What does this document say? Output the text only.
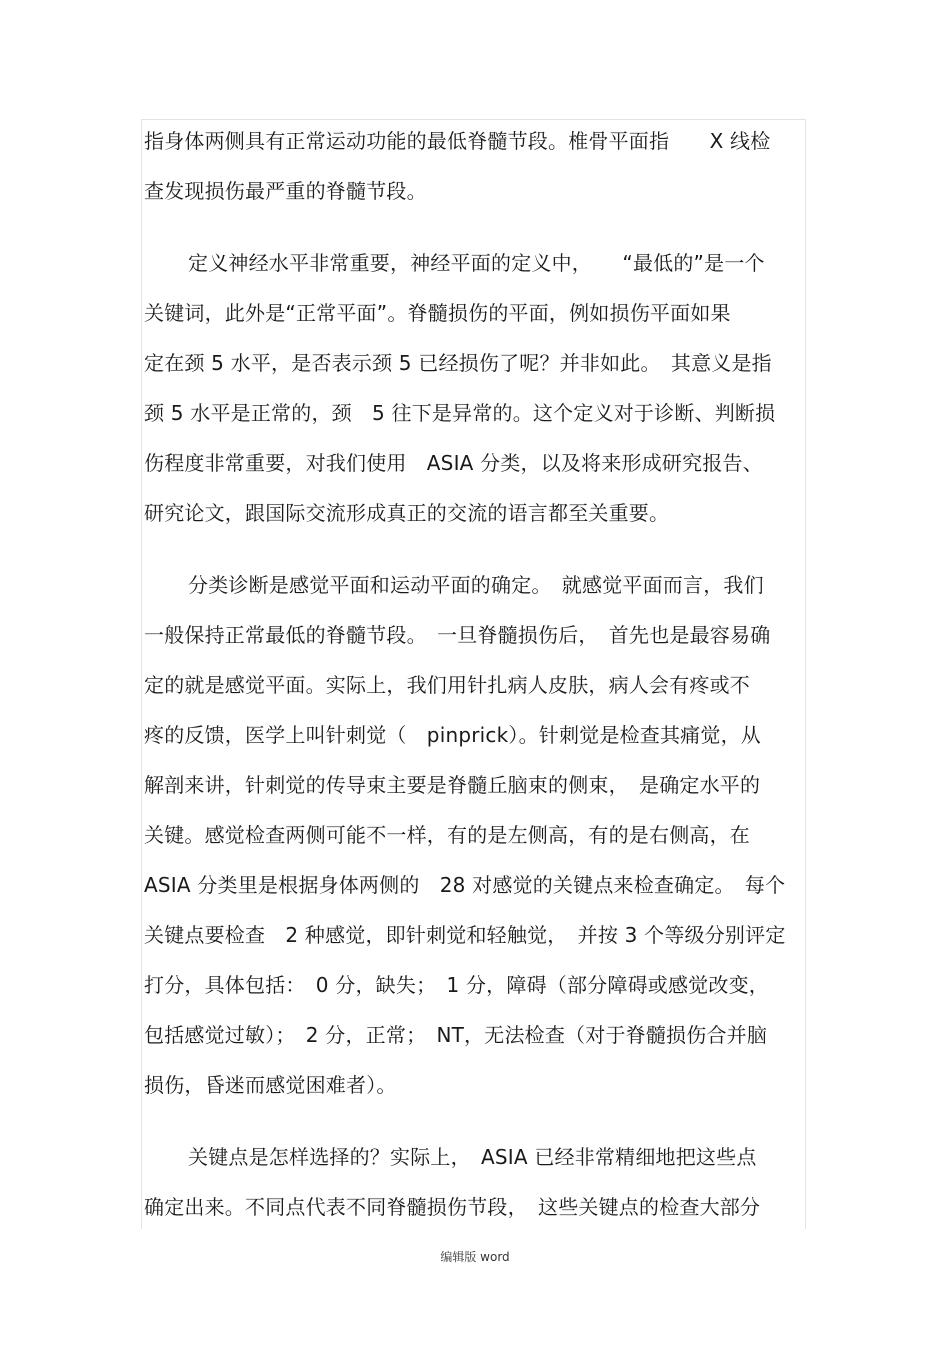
指身体两侧具有正常运动功能的最低脊髓节段。椎骨平面指　　X 线检
查发现损伤最严重的脊髓节段。
定义神经水平非常重要，神经平面的定义中，　　“最低的”是一个
关键词，此外是“正常平面”。脊髓损伤的平面，例如损伤平面如果
定在颈 5 水平，是否表示颈 5 已经损伤了呢？并非如此。　其意义是指
颈 5 水平是正常的，颈　5 往下是异常的。这个定义对于诊断、判断损
伤程度非常重要，对我们使用　ASIA 分类，以及将来形成研究报告、
研究论文，跟国际交流形成真正的交流的语言都至关重要。
分类诊断是感觉平面和运动平面的确定。　就感觉平面而言，我们
一般保持正常最低的脊髓节段。　一旦脊髓损伤后，　首先也是最容易确
定的就是感觉平面。实际上，我们用针扎病人皮肤，病人会有疼或不
疼的反馈，医学上叫针刺觉（　pinprick）。针刺觉是检查其痛觉，从
解剖来讲，针刺觉的传导束主要是脊髓丘脑束的侧束，　是确定水平的
关键。感觉检查两侧可能不一样，有的是左侧高，有的是右侧高，在
ASIA 分类里是根据身体两侧的　28 对感觉的关键点来检查确定。　每个
关键点要检查　2 种感觉，即针刺觉和轻触觉，　并按 3 个等级分别评定
打分，具体包括：　0 分，缺失；　1 分，障碍（部分障碍或感觉改变，
包括感觉过敏）；　2 分，正常；　NT，无法检查（对于脊髓损伤合并脑
损伤，昏迷而感觉困难者）。
关键点是怎样选择的？实际上，　ASIA 已经非常精细地把这些点
确定出来。不同点代表不同脊髓损伤节段，　这些关键点的检查大部分
编辑版 word
